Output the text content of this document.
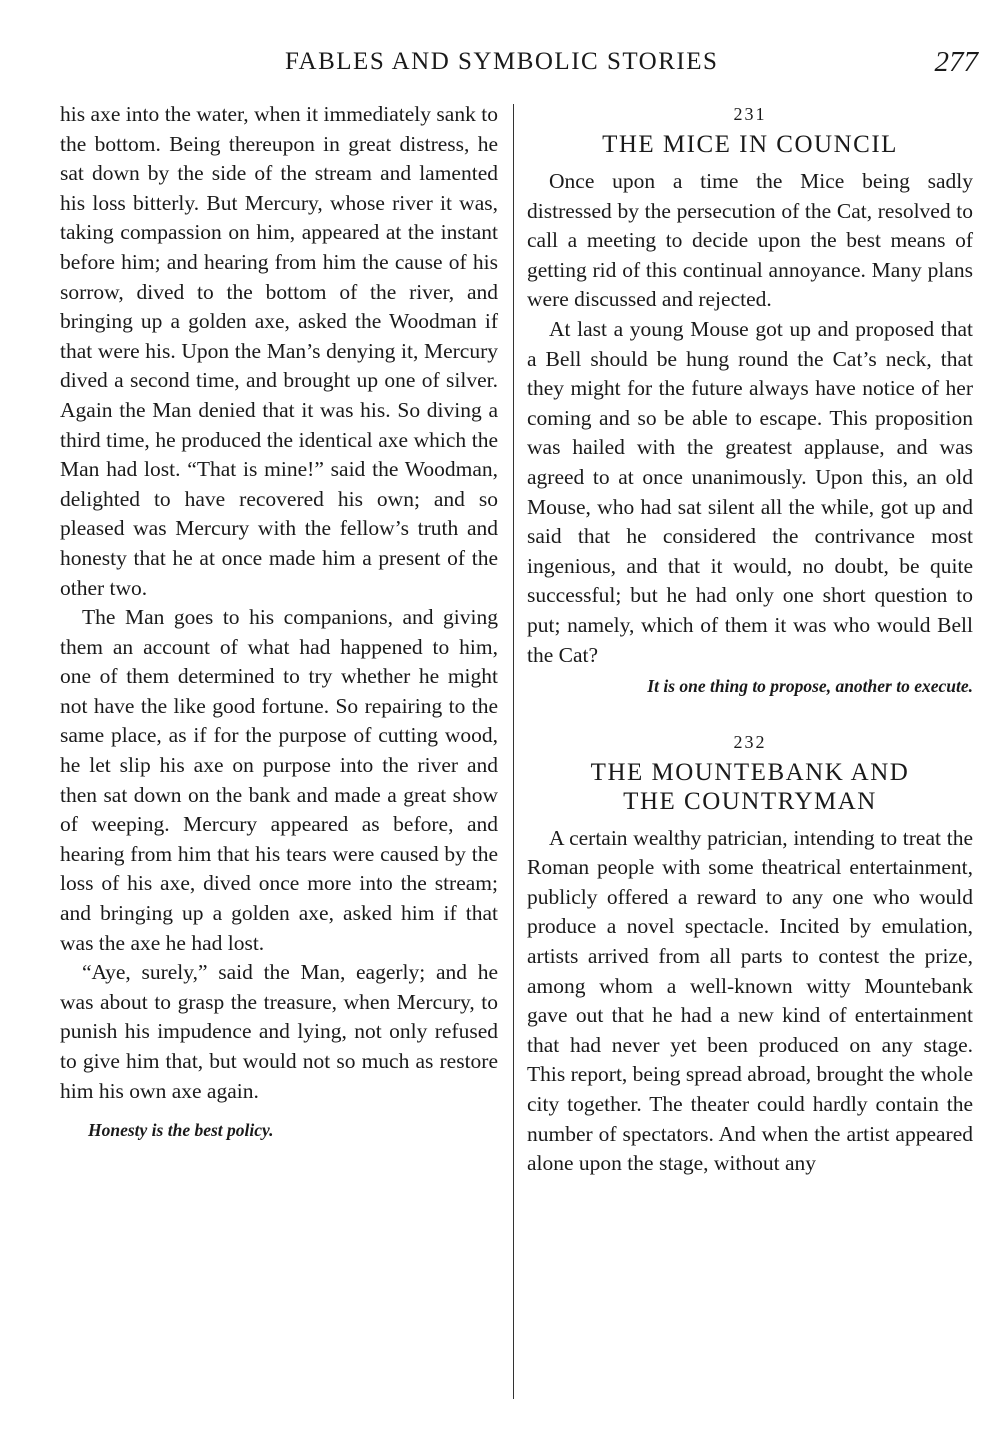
FABLES AND SYMBOLIC STORIES	277

his axe into the water, when it immediately sank to the bottom. Being thereupon in great distress, he sat down by the side of the stream and lamented his loss bitterly. But Mercury, whose river it was, taking compassion on him, appeared at the instant before him; and hearing from him the cause of his sorrow, dived to the bottom of the river, and bringing up a golden axe, asked the Woodman if that were his. Upon the Man’s denying it, Mercury dived a second time, and brought up one of silver. Again the Man denied that it was his. So diving a third time, he produced the identical axe which the Man had lost. “That is mine!” said the Woodman, delighted to have recovered his own; and so pleased was Mercury with the fellow’s truth and honesty that he at once made him a present of the other two.

The Man goes to his companions, and giving them an account of what had happened to him, one of them determined to try whether he might not have the like good fortune. So repairing to the same place, as if for the purpose of cutting wood, he let slip his axe on purpose into the river and then sat down on the bank and made a great show of weeping. Mercury appeared as before, and hearing from him that his tears were caused by the loss of his axe, dived once more into the stream; and bringing up a golden axe, asked him if that was the axe he had lost.

“Aye, surely,” said the Man, eagerly; and he was about to grasp the treasure, when Mercury, to punish his impudence and lying, not only refused to give him that, but would not so much as restore him his own axe again.

Honesty is the best policy.

231
THE MICE IN COUNCIL

Once upon a time the Mice being sadly distressed by the persecution of the Cat, resolved to call a meeting to decide upon the best means of getting rid of this continual annoyance. Many plans were discussed and rejected.

At last a young Mouse got up and proposed that a Bell should be hung round the Cat’s neck, that they might for the future always have notice of her coming and so be able to escape. This proposition was hailed with the greatest applause, and was agreed to at once unanimously. Upon this, an old Mouse, who had sat silent all the while, got up and said that he considered the contrivance most ingenious, and that it would, no doubt, be quite successful; but he had only one short question to put; namely, which of them it was who would Bell the Cat?

It is one thing to propose, another to execute.

232
THE MOUNTEBANK AND
THE COUNTRYMAN

A certain wealthy patrician, intending to treat the Roman people with some theatrical entertainment, publicly offered a reward to any one who would produce a novel spectacle. Incited by emulation, artists arrived from all parts to contest the prize, among whom a well-known witty Mountebank gave out that he had a new kind of entertainment that had never yet been produced on any stage. This report, being spread abroad, brought the whole city together. The theater could hardly contain the number of spectators. And when the artist appeared alone upon the stage, without any
